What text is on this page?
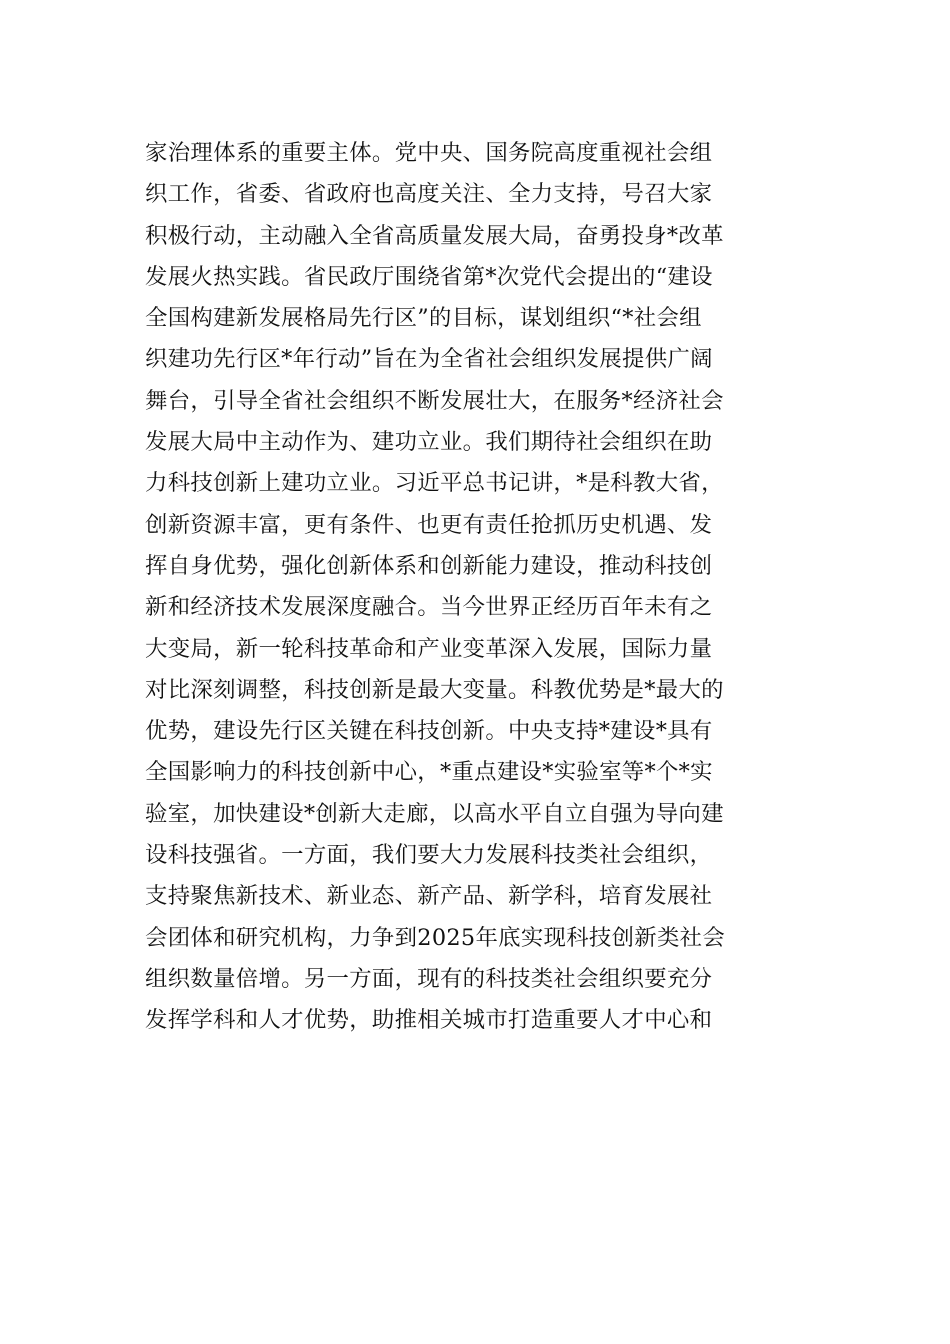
家治理体系的重要主体。党中央、国务院高度重视社会组
织工作，省委、省政府也高度关注、全力支持，号召大家
积极行动，主动融入全省高质量发展大局，奋勇投身*改革
发展火热实践。省民政厅围绕省第*次党代会提出的“建设
全国构建新发展格局先行区”的目标，谋划组织“*社会组
织建功先行区*年行动”旨在为全省社会组织发展提供广阔
舞台，引导全省社会组织不断发展壮大，在服务*经济社会
发展大局中主动作为、建功立业。我们期待社会组织在助
力科技创新上建功立业。习近平总书记讲，*是科教大省，
创新资源丰富，更有条件、也更有责任抢抓历史机遇、发
挥自身优势，强化创新体系和创新能力建设，推动科技创
新和经济技术发展深度融合。当今世界正经历百年未有之
大变局，新一轮科技革命和产业变革深入发展，国际力量
对比深刻调整，科技创新是最大变量。科教优势是*最大的
优势，建设先行区关键在科技创新。中央支持*建设*具有
全国影响力的科技创新中心，*重点建设*实验室等*个*实
验室，加快建设*创新大走廊，以高水平自立自强为导向建
设科技强省。一方面，我们要大力发展科技类社会组织，
支持聚焦新技术、新业态、新产品、新学科，培育发展社
会团体和研究机构，力争到2025年底实现科技创新类社会
组织数量倍增。另一方面，现有的科技类社会组织要充分
发挥学科和人才优势，助推相关城市打造重要人才中心和
